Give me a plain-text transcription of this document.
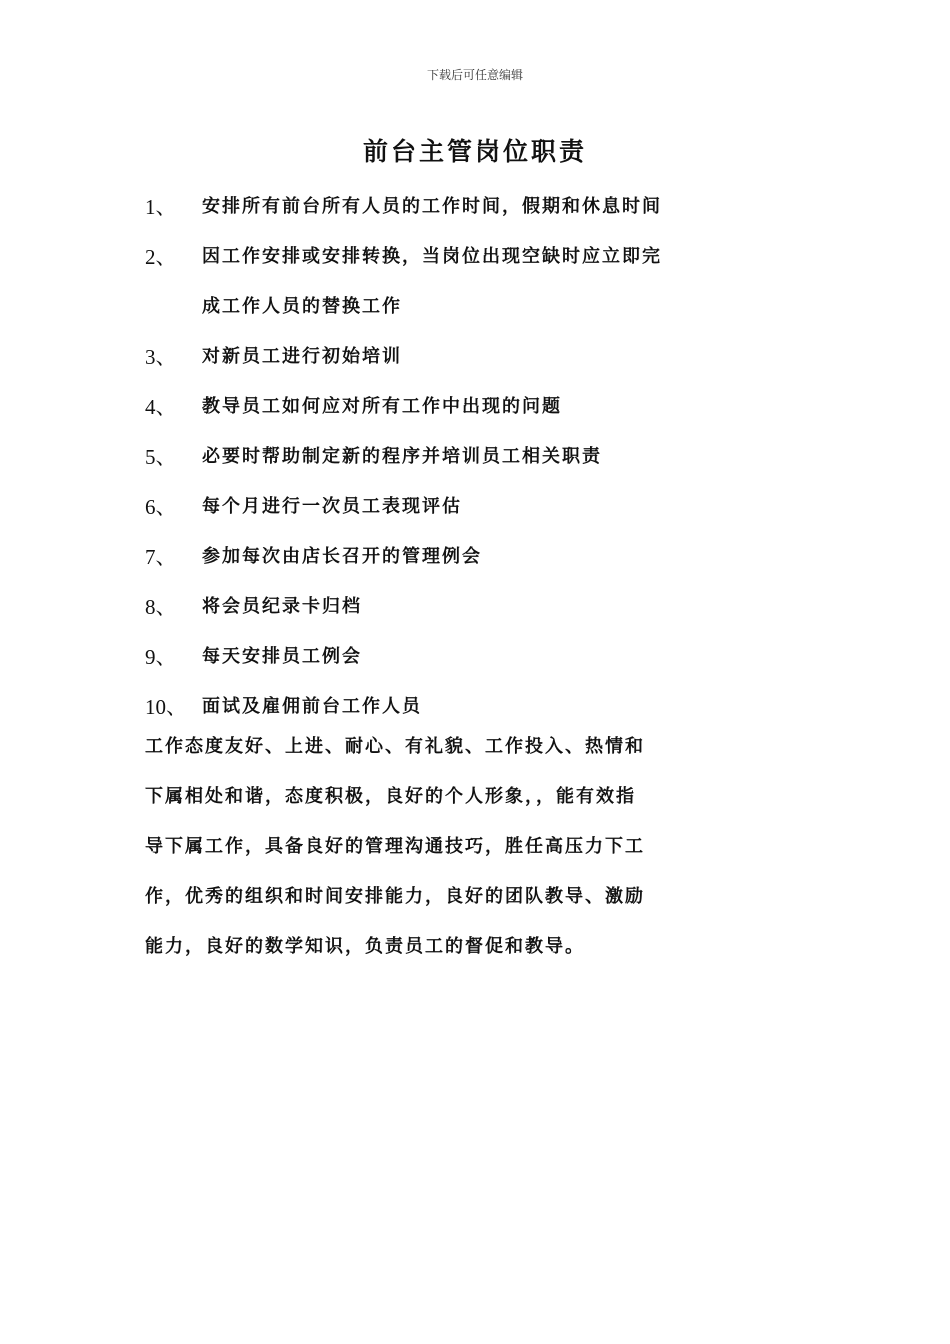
下载后可任意编辑
前台主管岗位职责
1、	安排所有前台所有人员的工作时间，假期和休息时间
2、	因工作安排或安排转换，当岗位出现空缺时应立即完
成工作人员的替换工作
3、	对新员工进行初始培训
4、	教导员工如何应对所有工作中出现的问题
5、	必要时帮助制定新的程序并培训员工相关职责
6、	每个月进行一次员工表现评估
7、	参加每次由店长召开的管理例会
8、	将会员纪录卡归档
9、	每天安排员工例会
10、 面试及雇佣前台工作人员

工作态度友好、上进、耐心、有礼貌、工作投入、热情和
下属相处和谐，态度积极，良好的个人形象，，能有效指
导下属工作，具备良好的管理沟通技巧，胜任高压力下工
作，优秀的组织和时间安排能力，良好的团队教导、激励
能力，良好的数学知识，负责员工的督促和教导。
